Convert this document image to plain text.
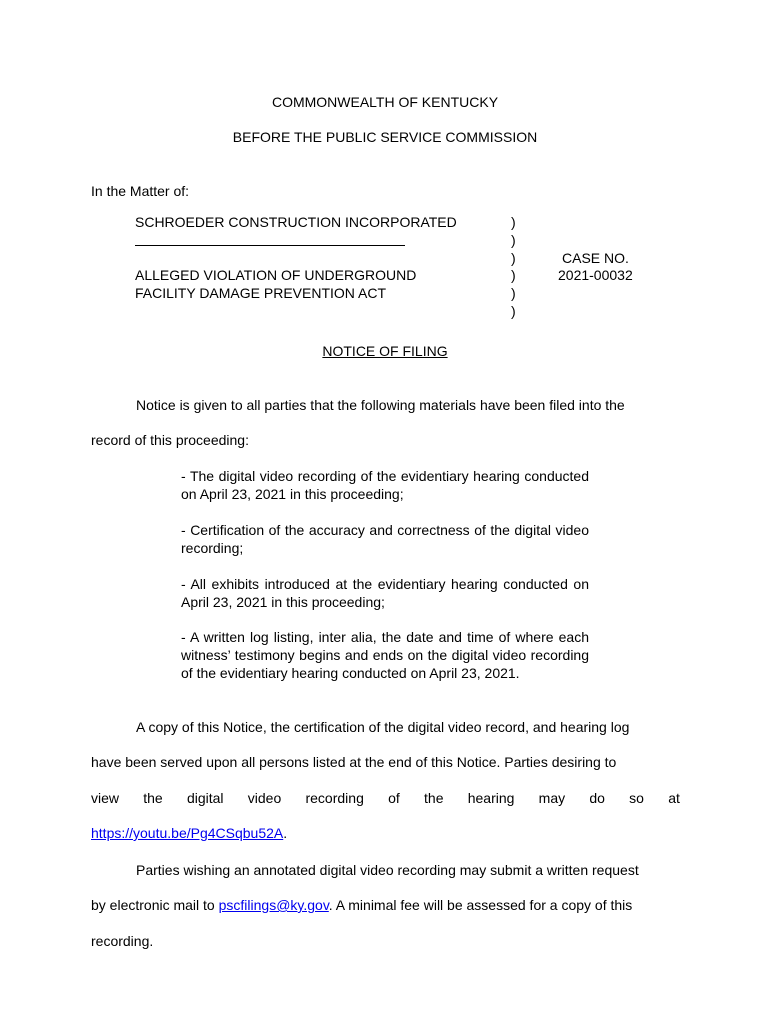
COMMONWEALTH OF KENTUCKY
BEFORE THE PUBLIC SERVICE COMMISSION
In the Matter of:
SCHROEDER CONSTRUCTION INCORPORATED
ALLEGED VIOLATION OF UNDERGROUND
FACILITY DAMAGE PREVENTION ACT
)
)
)
)
)
)
CASE NO.
2021-00032
NOTICE OF FILING
Notice is given to all parties that the following materials have been filed into the
record of this proceeding:
- The digital video recording of the evidentiary hearing conducted on April 23, 2021 in this proceeding;
- Certification of the accuracy and correctness of the digital video recording;
- All exhibits introduced at the evidentiary hearing conducted on April 23, 2021 in this proceeding;
- A written log listing, inter alia, the date and time of where each witness’ testimony begins and ends on the digital video recording of the evidentiary hearing conducted on April 23, 2021.
A copy of this Notice, the certification of the digital video record, and hearing log
have been served upon all persons listed at the end of this Notice. Parties desiring to
view the digital video recording of the hearing may do so at
https://youtu.be/Pg4CSqbu52A.
Parties wishing an annotated digital video recording may submit a written request
by electronic mail to pscfilings@ky.gov. A minimal fee will be assessed for a copy of this
recording.
